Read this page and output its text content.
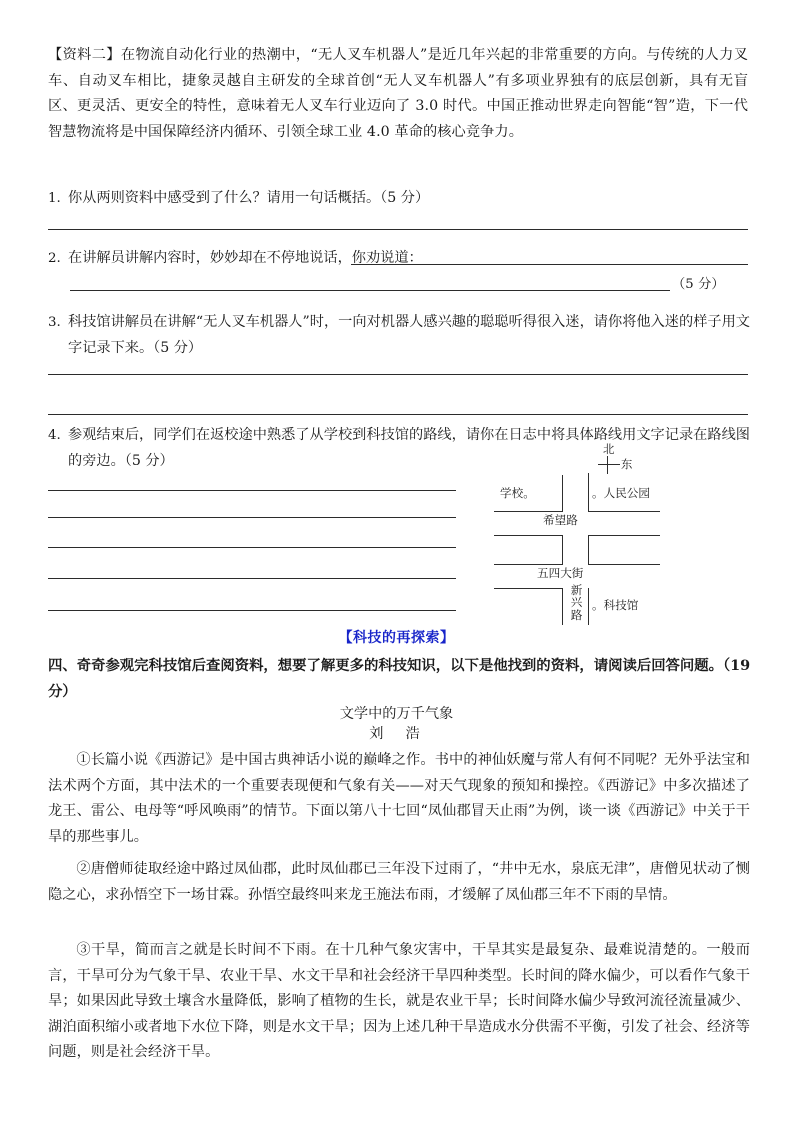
【资料二】在物流自动化行业的热潮中，“无人叉车机器人”是近几年兴起的非常重要的方向。与传统的人力叉车、自动叉车相比，捷象灵越自主研发的全球首创“无人叉车机器人”有多项业界独有的底层创新，具有无盲区、更灵活、更安全的特性，意味着无人叉车行业迈向了 3.0 时代。中国正推动世界走向智能“智”造，下一代智慧物流将是中国保障经济内循环、引领全球工业 4.0 革命的核心竞争力。
1. 你从两则资料中感受到了什么？请用一句话概括。（5 分）
2. 在讲解员讲解内容时，妙妙却在不停地说话，你劝说道：
（5 分）
3. 科技馆讲解员在讲解“无人叉车机器人”时，一向对机器人感兴趣的聪聪听得很入迷，请你将他入迷的样子用文字记录下来。（5 分）
4. 参观结束后，同学们在返校途中熟悉了从学校到科技馆的路线，请你在日志中将具体路线用文字记录在路线图的旁边。（5 分）
北
东
学校。	。人民公园
希望路
五四大街
新兴路
。科技馆
【科技的再探索】
四、奇奇参观完科技馆后查阅资料，想要了解更多的科技知识，以下是他找到的资料，请阅读后回答问题。（19 分）
文学中的万千气象
刘　浩
①长篇小说《西游记》是中国古典神话小说的巅峰之作。书中的神仙妖魔与常人有何不同呢？无外乎法宝和法术两个方面，其中法术的一个重要表现便和气象有关——对天气现象的预知和操控。《西游记》中多次描述了龙王、雷公、电母等“呼风唤雨”的情节。下面以第八十七回“凤仙郡冒天止雨”为例，谈一谈《西游记》中关于干旱的那些事儿。
②唐僧师徒取经途中路过凤仙郡，此时凤仙郡已三年没下过雨了，“井中无水，泉底无津”，唐僧见状动了恻隐之心，求孙悟空下一场甘霖。孙悟空最终叫来龙王施法布雨，才缓解了凤仙郡三年不下雨的旱情。
③干旱，简而言之就是长时间不下雨。在十几种气象灾害中，干旱其实是最复杂、最难说清楚的。一般而言，干旱可分为气象干旱、农业干旱、水文干旱和社会经济干旱四种类型。长时间的降水偏少，可以看作气象干旱；如果因此导致土壤含水量降低，影响了植物的生长，就是农业干旱；长时间降水偏少导致河流径流量减少、湖泊面积缩小或者地下水位下降，则是水文干旱；因为上述几种干旱造成水分供需不平衡，引发了社会、经济等问题，则是社会经济干旱。
